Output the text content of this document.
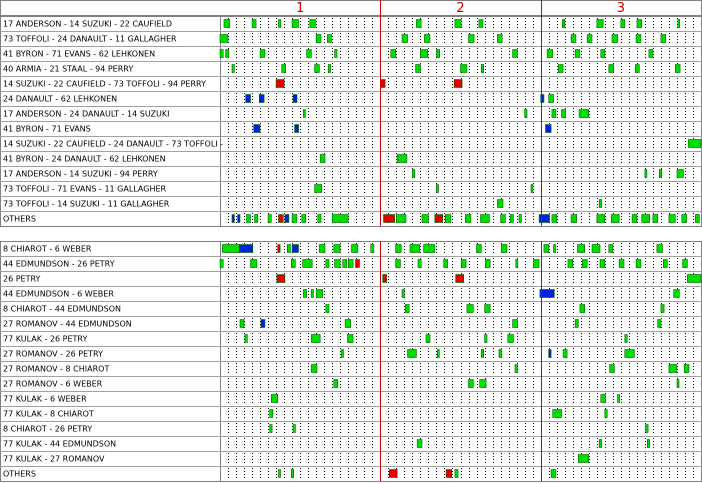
1	2	3
17 ANDERSON - 14 SUZUKI - 22 CAUFIELD
73 TOFFOLI - 24 DANAULT - 11 GALLAGHER
41 BYRON - 71 EVANS - 62 LEHKONEN
40 ARMIA - 21 STAAL - 94 PERRY
14 SUZUKI - 22 CAUFIELD - 73 TOFFOLI - 94 PERRY
24 DANAULT - 62 LEHKONEN
17 ANDERSON - 24 DANAULT - 14 SUZUKI
41 BYRON - 71 EVANS
14 SUZUKI - 22 CAUFIELD - 24 DANAULT - 73 TOFFOLI -
41 BYRON - 24 DANAULT - 62 LEHKONEN
17 ANDERSON - 14 SUZUKI - 94 PERRY
73 TOFFOLI - 71 EVANS - 11 GALLAGHER
73 TOFFOLI - 14 SUZUKI - 11 GALLAGHER
OTHERS
8 CHIAROT - 6 WEBER
44 EDMUNDSON - 26 PETRY
26 PETRY
44 EDMUNDSON - 6 WEBER
8 CHIAROT - 44 EDMUNDSON
27 ROMANOV - 44 EDMUNDSON
77 KULAK - 26 PETRY
27 ROMANOV - 26 PETRY
27 ROMANOV - 8 CHIAROT
27 ROMANOV - 6 WEBER
77 KULAK - 6 WEBER
77 KULAK - 8 CHIAROT
8 CHIAROT - 26 PETRY
77 KULAK - 44 EDMUNDSON
77 KULAK - 27 ROMANOV
OTHERS
